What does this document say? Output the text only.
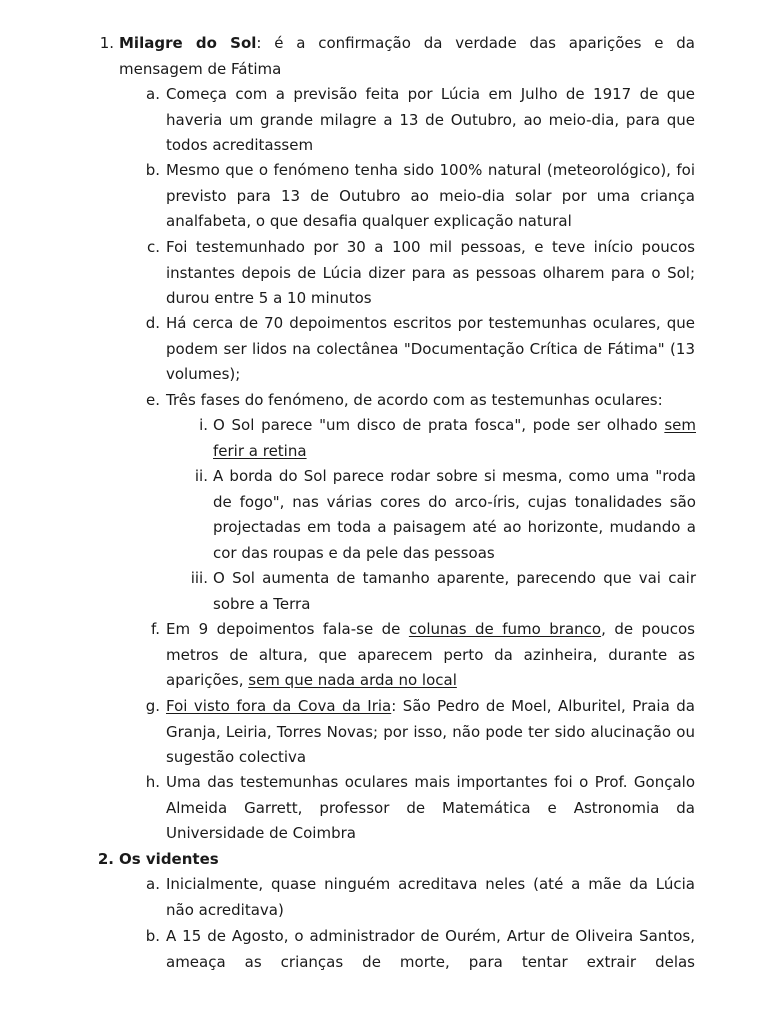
1. Milagre do Sol: é a confirmação da verdade das aparições e da mensagem de Fátima

a. Começa com a previsão feita por Lúcia em Julho de 1917 de que haveria um grande milagre a 13 de Outubro, ao meio-dia, para que todos acreditassem

b. Mesmo que o fenómeno tenha sido 100% natural (meteorológico), foi previsto para 13 de Outubro ao meio-dia solar por uma criança analfabeta, o que desafia qualquer explicação natural

c. Foi testemunhado por 30 a 100 mil pessoas, e teve início poucos instantes depois de Lúcia dizer para as pessoas olharem para o Sol; durou entre 5 a 10 minutos

d. Há cerca de 70 depoimentos escritos por testemunhas oculares, que podem ser lidos na colectânea "Documentação Crítica de Fátima" (13 volumes);

e. Três fases do fenómeno, de acordo com as testemunhas oculares:

i. O Sol parece "um disco de prata fosca", pode ser olhado sem ferir a retina

ii. A borda do Sol parece rodar sobre si mesma, como uma "roda de fogo", nas várias cores do arco-íris, cujas tonalidades são projectadas em toda a paisagem até ao horizonte, mudando a cor das roupas e da pele das pessoas

iii. O Sol aumenta de tamanho aparente, parecendo que vai cair sobre a Terra

f. Em 9 depoimentos fala-se de colunas de fumo branco, de poucos metros de altura, que aparecem perto da azinheira, durante as aparições, sem que nada arda no local

g. Foi visto fora da Cova da Iria: São Pedro de Moel, Alburitel, Praia da Granja, Leiria, Torres Novas; por isso, não pode ter sido alucinação ou sugestão colectiva

h. Uma das testemunhas oculares mais importantes foi o Prof. Gonçalo Almeida Garrett, professor de Matemática e Astronomia da Universidade de Coimbra

2. Os videntes

a. Inicialmente, quase ninguém acreditava neles (até a mãe da Lúcia não acreditava)

b. A 15 de Agosto, o administrador de Ourém, Artur de Oliveira Santos, ameaça as crianças de morte, para tentar extrair delas
